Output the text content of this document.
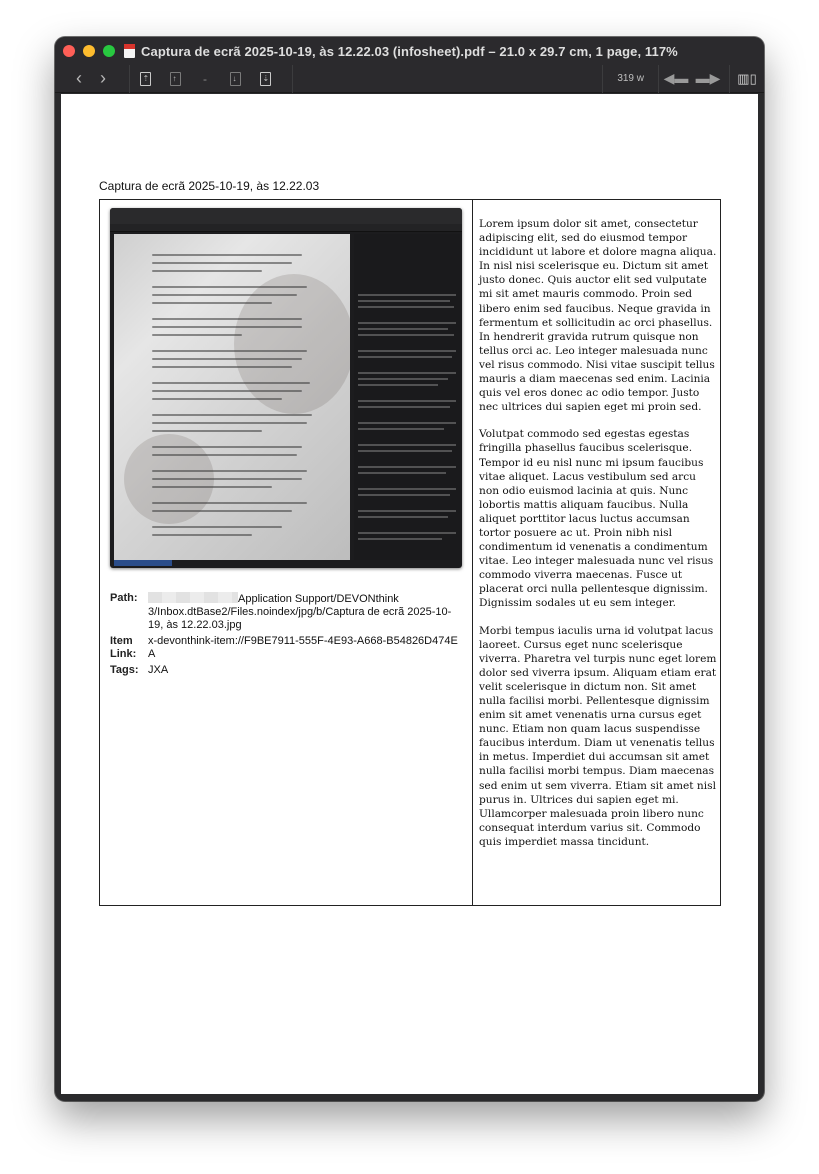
Captura de ecrã 2025-10-19, às 12.22.03 (infosheet).pdf – 21.0 x 29.7 cm, 1 page, 117%
‹ ›	⇡	↑	-	↓	⇣	319 w	◀▬ ▬▶ ▥▯
Captura de ecrã 2025-10-19, às 12.22.03
Path:	Application Support/DEVONthink 3/Inbox.dtBase2/Files.noindex/jpg/b/Captura de ecrã 2025-10-19, às 12.22.03.jpg
Item Link:
x-devonthink-item://F9BE7911-555F-4E93-A668-B54826D474EA
Tags: JXA

Lorem ipsum dolor sit amet, consectetur adipiscing elit, sed do eiusmod tempor incididunt ut labore et dolore magna aliqua. In nisl nisi scelerisque eu. Dictum sit amet justo donec. Quis auctor elit sed vulputate mi sit amet mauris commodo. Proin sed libero enim sed faucibus. Neque gravida in fermentum et sollicitudin ac orci phasellus. In hendrerit gravida rutrum quisque non tellus orci ac. Leo integer malesuada nunc vel risus commodo. Nisi vitae suscipit tellus mauris a diam maecenas sed enim. Lacinia quis vel eros donec ac odio tempor. Justo nec ultrices dui sapien eget mi proin sed.

Volutpat commodo sed egestas egestas fringilla phasellus faucibus scelerisque. Tempor id eu nisl nunc mi ipsum faucibus vitae aliquet. Lacus vestibulum sed arcu non odio euismod lacinia at quis. Nunc lobortis mattis aliquam faucibus. Nulla aliquet porttitor lacus luctus accumsan tortor posuere ac ut. Proin nibh nisl condimentum id venenatis a condimentum vitae. Leo integer malesuada nunc vel risus commodo viverra maecenas. Fusce ut placerat orci nulla pellentesque dignissim. Dignissim sodales ut eu sem integer.

Morbi tempus iaculis urna id volutpat lacus laoreet. Cursus eget nunc scelerisque viverra. Pharetra vel turpis nunc eget lorem dolor sed viverra ipsum. Aliquam etiam erat velit scelerisque in dictum non. Sit amet nulla facilisi morbi. Pellentesque dignissim enim sit amet venenatis urna cursus eget nunc. Etiam non quam lacus suspendisse faucibus interdum. Diam ut venenatis tellus in metus. Imperdiet dui accumsan sit amet nulla facilisi morbi tempus. Diam maecenas sed enim ut sem viverra. Etiam sit amet nisl purus in. Ultrices dui sapien eget mi. Ullamcorper malesuada proin libero nunc consequat interdum varius sit. Commodo quis imperdiet massa tincidunt.
